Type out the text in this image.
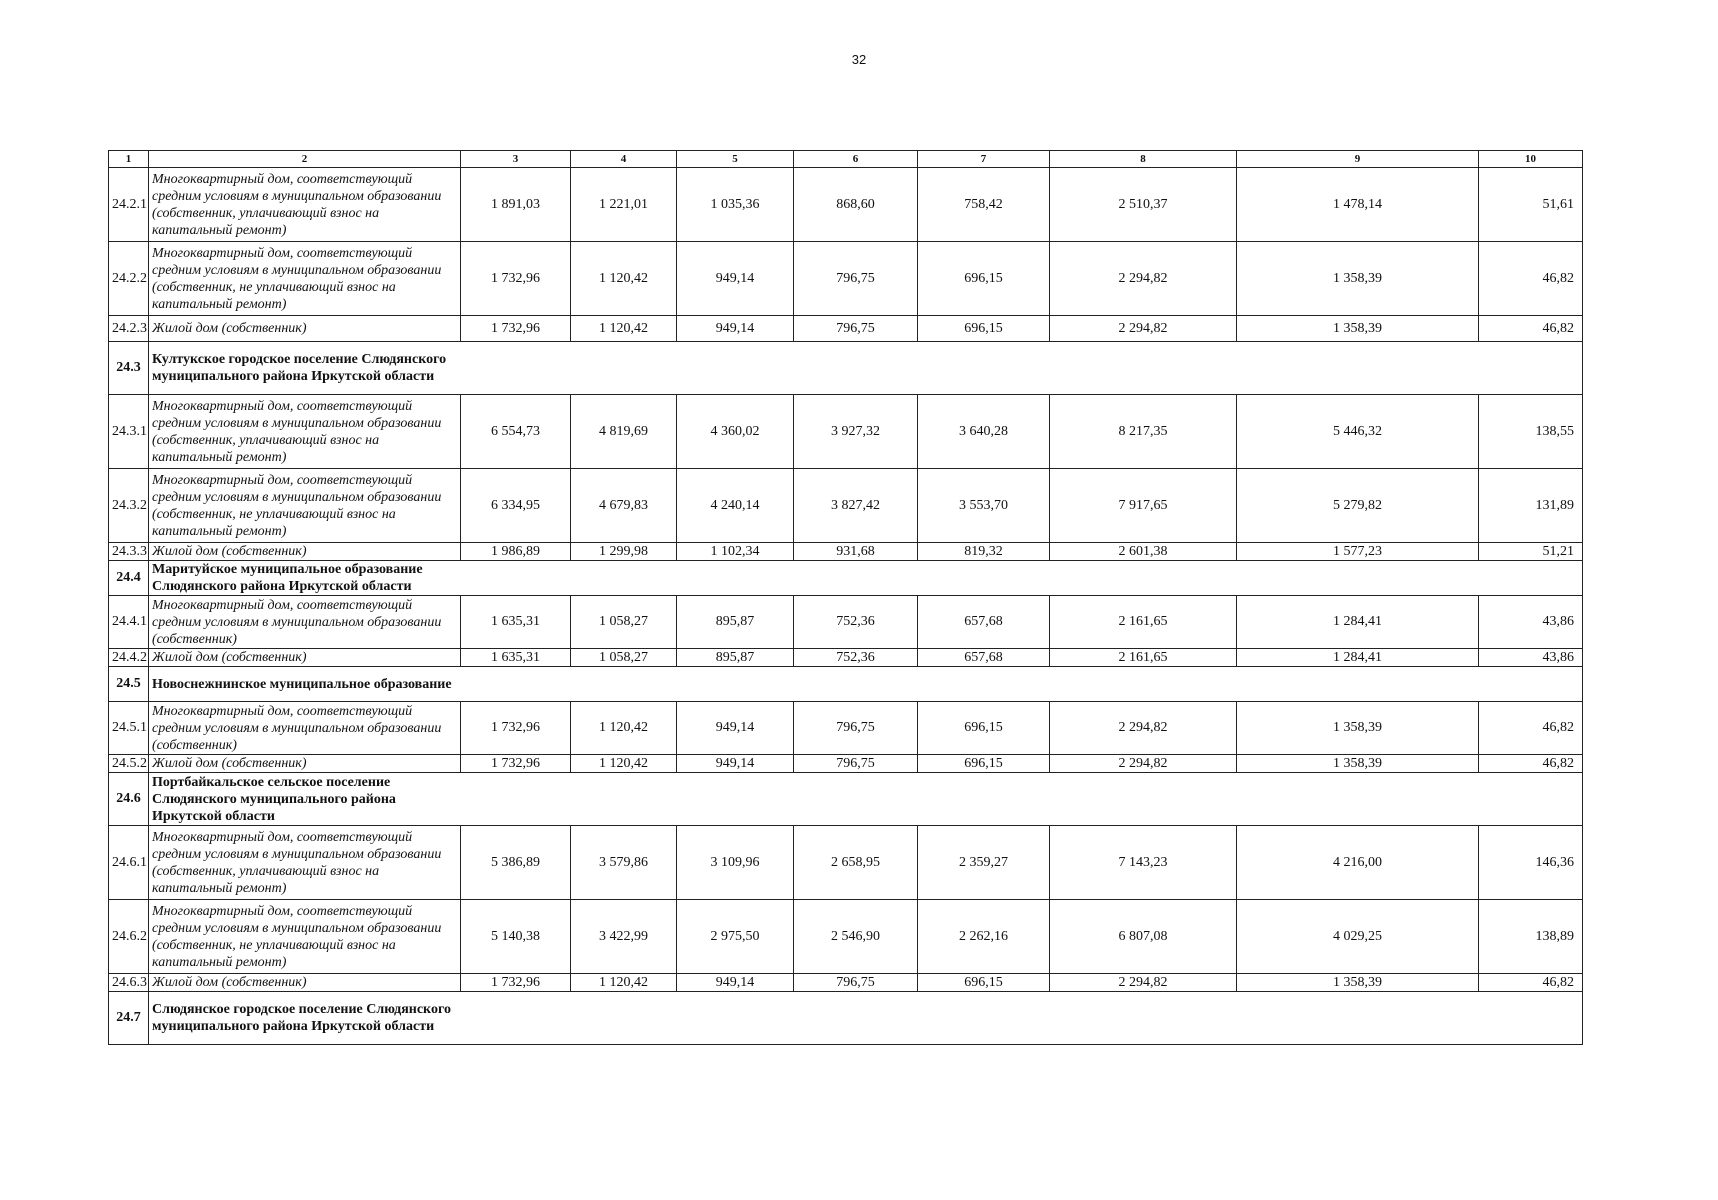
32
1	2	3	4	5	6	7	8	9	10
24.2.1	Многоквартирный дом, соответствующий средним условиям в муниципальном образовании (собственник, уплачивающий взнос на капитальный ремонт)	1 891,03	1 221,01	1 035,36	868,60	758,42	2 510,37	1 478,14	51,61
24.2.2	Многоквартирный дом, соответствующий средним условиям в муниципальном образовании (собственник, не уплачивающий взнос на капитальный ремонт)	1 732,96	1 120,42	949,14	796,75	696,15	2 294,82	1 358,39	46,82
24.2.3	Жилой дом (собственник)	1 732,96	1 120,42	949,14	796,75	696,15	2 294,82	1 358,39	46,82
24.3	Култукское городское поселение Слюдянского муниципального района Иркутской области								

24.3.1	Многоквартирный дом, соответствующий средним условиям в муниципальном образовании (собственник, уплачивающий взнос на капитальный ремонт)	6 554,73	4 819,69	4 360,02	3 927,32	3 640,28	8 217,35	5 446,32	138,55
24.3.2	Многоквартирный дом, соответствующий средним условиям в муниципальном образовании (собственник, не уплачивающий взнос на капитальный ремонт)	6 334,95	4 679,83	4 240,14	3 827,42	3 553,70	7 917,65	5 279,82	131,89
24.3.3	Жилой дом (собственник)	1 986,89	1 299,98	1 102,34	931,68	819,32	2 601,38	1 577,23	51,21
24.4	Маритуйское муниципальное образование Слюдянского района Иркутской области								

24.4.1	Многоквартирный дом, соответствующий средним условиям в муниципальном образовании (собственник)	1 635,31	1 058,27	895,87	752,36	657,68	2 161,65	1 284,41	43,86
24.4.2	Жилой дом (собственник)	1 635,31	1 058,27	895,87	752,36	657,68	2 161,65	1 284,41	43,86
24.5	Новоснежнинское муниципальное образование								

24.5.1	Многоквартирный дом, соответствующий средним условиям в муниципальном образовании (собственник)	1 732,96	1 120,42	949,14	796,75	696,15	2 294,82	1 358,39	46,82
24.5.2	Жилой дом (собственник)	1 732,96	1 120,42	949,14	796,75	696,15	2 294,82	1 358,39	46,82
24.6	Портбайкальское сельское поселение Слюдянского муниципального района Иркутской области								

24.6.1	Многоквартирный дом, соответствующий средним условиям в муниципальном образовании (собственник, уплачивающий взнос на капитальный ремонт)	5 386,89	3 579,86	3 109,96	2 658,95	2 359,27	7 143,23	4 216,00	146,36
24.6.2	Многоквартирный дом, соответствующий средним условиям в муниципальном образовании (собственник, не уплачивающий взнос на капитальный ремонт)	5 140,38	3 422,99	2 975,50	2 546,90	2 262,16	6 807,08	4 029,25	138,89
24.6.3	Жилой дом (собственник)	1 732,96	1 120,42	949,14	796,75	696,15	2 294,82	1 358,39	46,82
24.7	Слюдянское городское поселение Слюдянского муниципального района Иркутской области								
